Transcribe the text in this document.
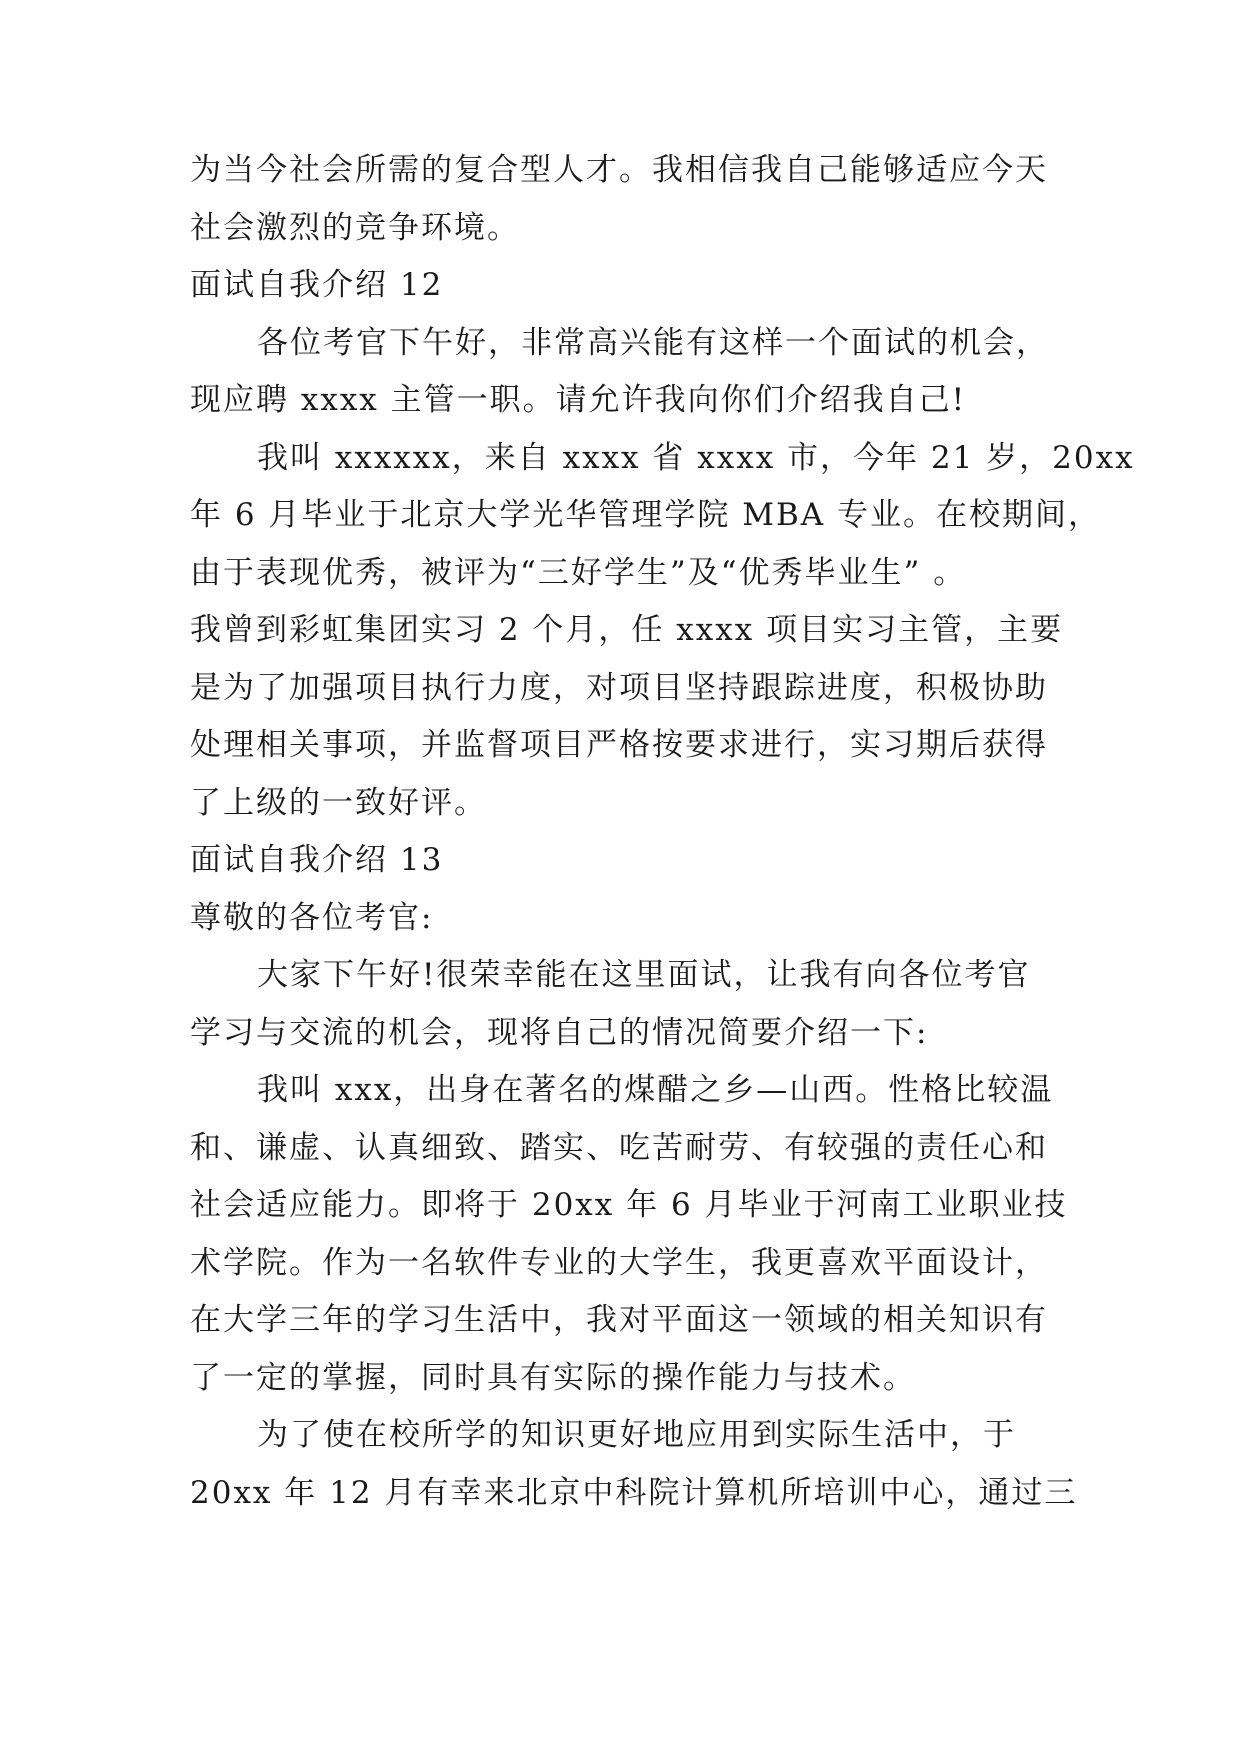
为当今社会所需的复合型人才。我相信我自己能够适应今天

社会激烈的竞争环境。

面试自我介绍 12

各位考官下午好，非常高兴能有这样一个面试的机会，

现应聘 xxxx 主管一职。请允许我向你们介绍我自己!

我叫 xxxxxx，来自 xxxx 省 xxxx 市，今年 21 岁，20xx

年 6 月毕业于北京大学光华管理学院 MBA 专业。在校期间，

由于表现优秀，被评为“三好学生”及“优秀毕业生” 。

我曾到彩虹集团实习 2 个月，任 xxxx 项目实习主管，主要

是为了加强项目执行力度，对项目坚持跟踪进度，积极协助

处理相关事项，并监督项目严格按要求进行，实习期后获得

了上级的一致好评。

面试自我介绍 13

尊敬的各位考官:

大家下午好!很荣幸能在这里面试，让我有向各位考官

学习与交流的机会，现将自己的情况简要介绍一下:

我叫 xxx，出身在著名的煤醋之乡—山西。性格比较温

和、谦虚、认真细致、踏实、吃苦耐劳、有较强的责任心和

社会适应能力。即将于 20xx 年 6 月毕业于河南工业职业技

术学院。作为一名软件专业的大学生，我更喜欢平面设计，

在大学三年的学习生活中，我对平面这一领域的相关知识有

了一定的掌握，同时具有实际的操作能力与技术。

为了使在校所学的知识更好地应用到实际生活中，于

20xx 年 12 月有幸来北京中科院计算机所培训中心，通过三
